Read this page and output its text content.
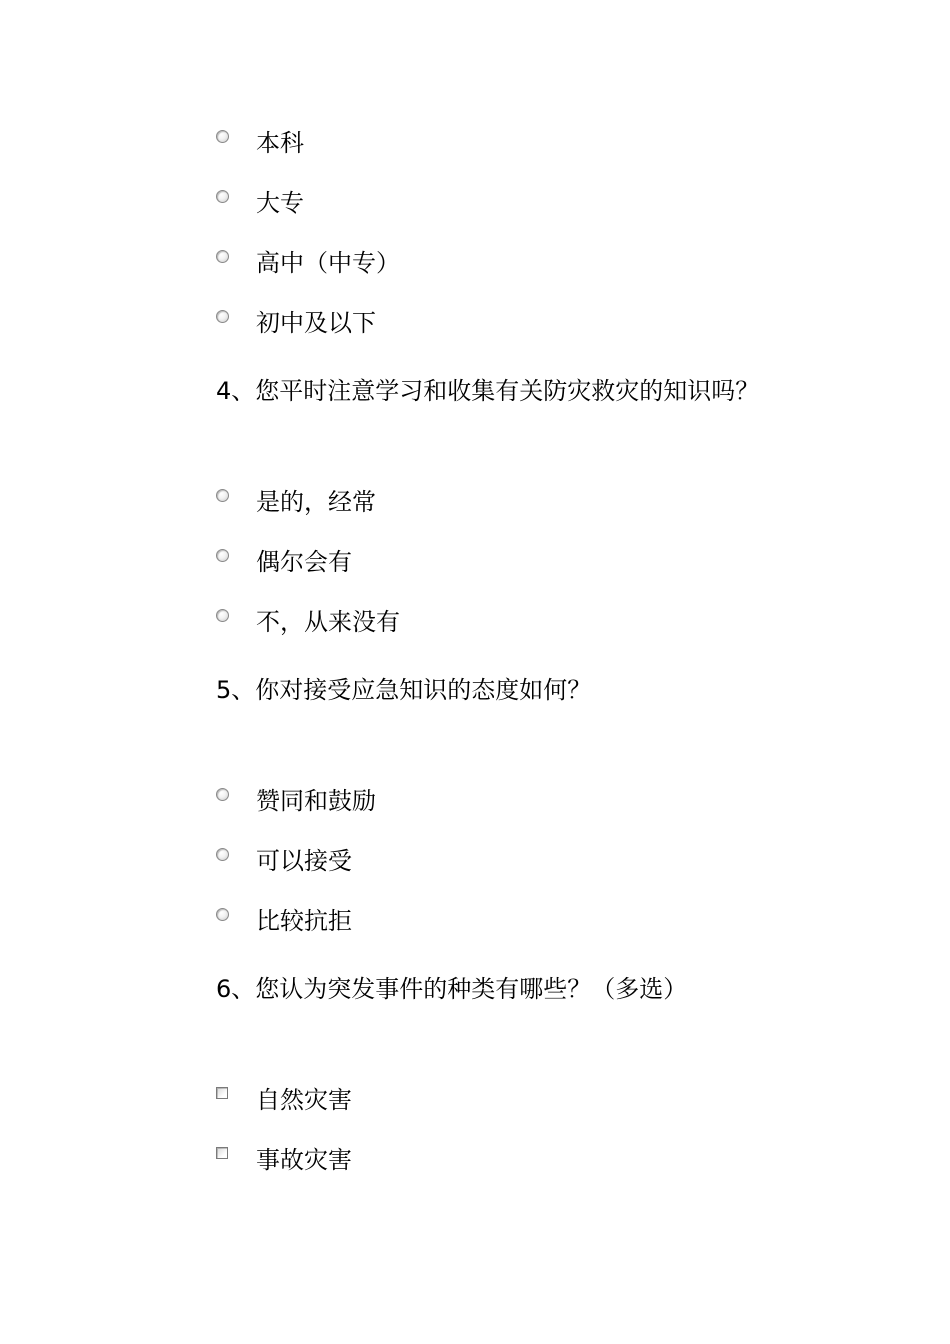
本科
大专
高中（中专）
初中及以下
4、您平时注意学习和收集有关防灾救灾的知识吗？
是的，经常
偶尔会有
不，从来没有
5、你对接受应急知识的态度如何？
赞同和鼓励
可以接受
比较抗拒
6、您认为突发事件的种类有哪些？（多选）
自然灾害
事故灾害
